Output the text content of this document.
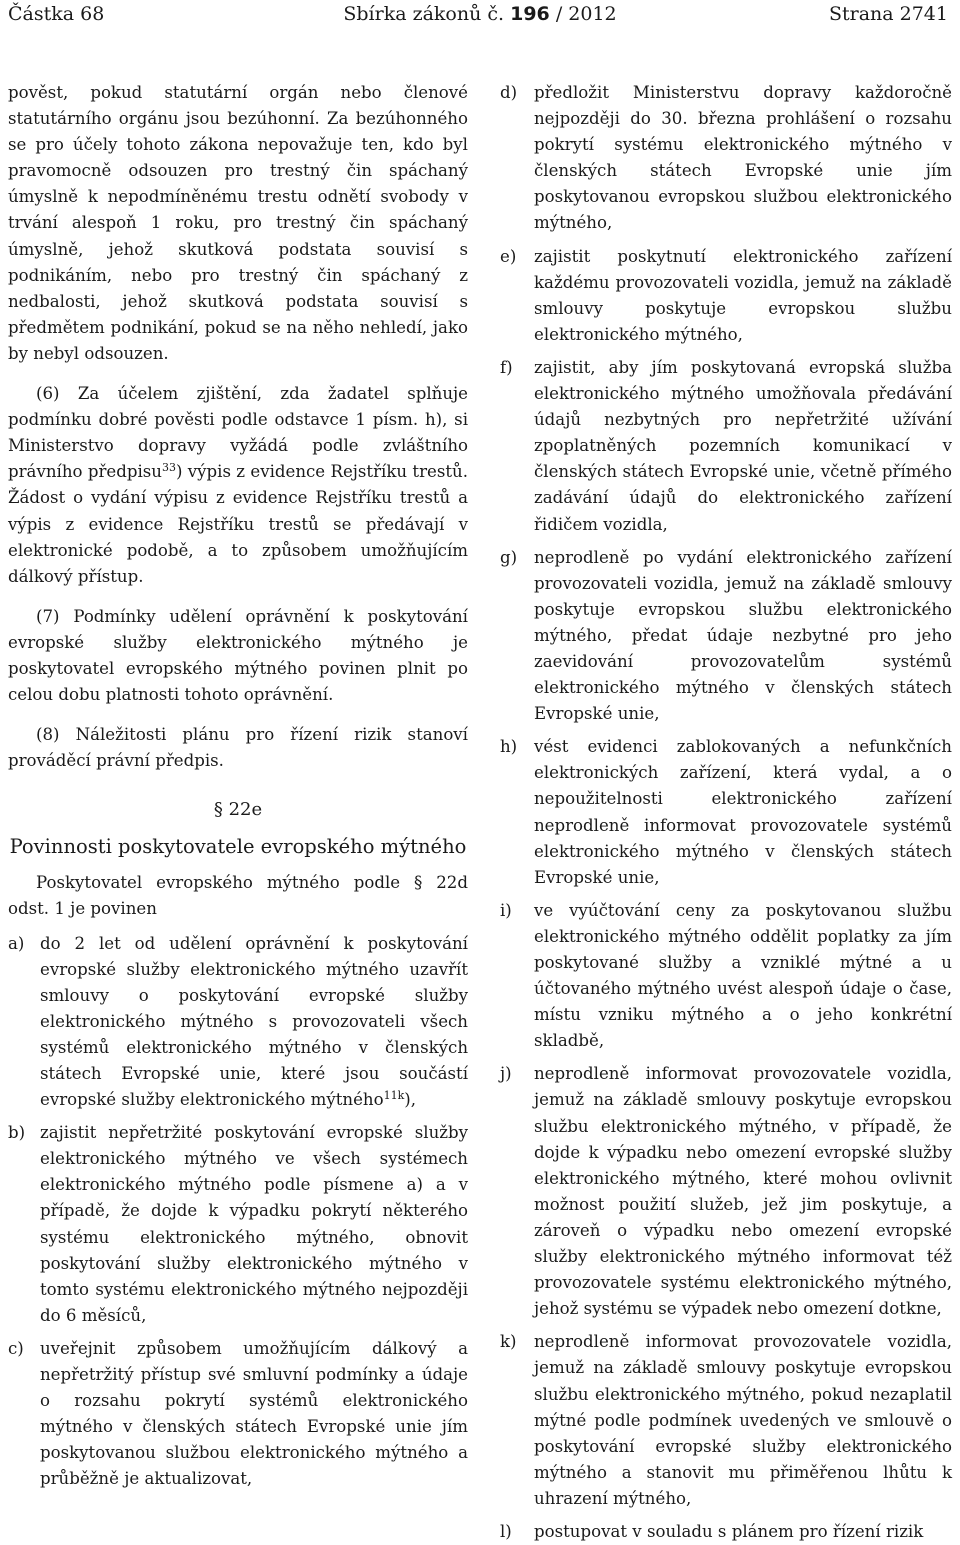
Částka 68	Sbírka zákonů č. 196 / 2012	Strana 2741

pověst, pokud statutární orgán nebo členové statutárního orgánu jsou bezúhonní. Za bezúhonného se pro účely tohoto zákona nepovažuje ten, kdo byl pravomocně odsouzen pro trestný čin spáchaný úmyslně k nepodmíněnému trestu odnětí svobody v trvání alespoň 1 roku, pro trestný čin spáchaný úmyslně, jehož skutková podstata souvisí s podnikáním, nebo pro trestný čin spáchaný z nedbalosti, jehož skutková podstata souvisí s předmětem podnikání, pokud se na něho nehledí, jako by nebyl odsouzen.

(6) Za účelem zjištění, zda žadatel splňuje podmínku dobré pověsti podle odstavce 1 písm. h), si Ministerstvo dopravy vyžádá podle zvláštního právního předpisu$^{33}$) výpis z evidence Rejstříku trestů. Žádost o vydání výpisu z evidence Rejstříku trestů a výpis z evidence Rejstříku trestů se předávají v elektronické podobě, a to způsobem umožňujícím dálkový přístup.

(7) Podmínky udělení oprávnění k poskytování evropské služby elektronického mýtného je poskytovatel evropského mýtného povinen plnit po celou dobu platnosti tohoto oprávnění.

(8) Náležitosti plánu pro řízení rizik stanoví prováděcí právní předpis.

§ 22e
Povinnosti poskytovatele evropského mýtného

Poskytovatel evropského mýtného podle § 22d odst. 1 je povinen

a) do 2 let od udělení oprávnění k poskytování evropské služby elektronického mýtného uzavřít smlouvy o poskytování evropské služby elektronického mýtného s provozovateli všech systémů elektronického mýtného v členských státech Evropské unie, které jsou součástí evropské služby elektronického mýtného$^{11k}$),
b) zajistit nepřetržité poskytování evropské služby elektronického mýtného ve všech systémech elektronického mýtného podle písmene a) a v případě, že dojde k výpadku pokrytí některého systému elektronického mýtného, obnovit poskytování služby elektronického mýtného v tomto systému elektronického mýtného nejpozději do 6 měsíců,
c) uveřejnit způsobem umožňujícím dálkový a nepřetržitý přístup své smluvní podmínky a údaje o rozsahu pokrytí systémů elektronického mýtného v členských státech Evropské unie jím poskytovanou službou elektronického mýtného a průběžně je aktualizovat,
d) předložit Ministerstvu dopravy každoročně nejpozději do 30. března prohlášení o rozsahu pokrytí systému elektronického mýtného v členských státech Evropské unie jím poskytovanou evropskou službou elektronického mýtného,
e) zajistit poskytnutí elektronického zařízení každému provozovateli vozidla, jemuž na základě smlouvy poskytuje evropskou službu elektronického mýtného,
f) zajistit, aby jím poskytovaná evropská služba elektronického mýtného umožňovala předávání údajů nezbytných pro nepřetržité užívání zpoplatněných pozemních komunikací v členských státech Evropské unie, včetně přímého zadávání údajů do elektronického zařízení řidičem vozidla,
g) neprodleně po vydání elektronického zařízení provozovateli vozidla, jemuž na základě smlouvy poskytuje evropskou službu elektronického mýtného, předat údaje nezbytné pro jeho zaevidování provozovatelům systémů elektronického mýtného v členských státech Evropské unie,
h) vést evidenci zablokovaných a nefunkčních elektronických zařízení, která vydal, a o nepoužitelnosti elektronického zařízení neprodleně informovat provozovatele systémů elektronického mýtného v členských státech Evropské unie,
i) ve vyúčtování ceny za poskytovanou službu elektronického mýtného oddělit poplatky za jím poskytované služby a vzniklé mýtné a u účtovaného mýtného uvést alespoň údaje o čase, místu vzniku mýtného a o jeho konkrétní skladbě,
j) neprodleně informovat provozovatele vozidla, jemuž na základě smlouvy poskytuje evropskou službu elektronického mýtného, v případě, že dojde k výpadku nebo omezení evropské služby elektronického mýtného, které mohou ovlivnit možnost použití služeb, jež jim poskytuje, a zároveň o výpadku nebo omezení evropské služby elektronického mýtného informovat též provozovatele systému elektronického mýtného, jehož systému se výpadek nebo omezení dotkne,
k) neprodleně informovat provozovatele vozidla, jemuž na základě smlouvy poskytuje evropskou službu elektronického mýtného, pokud nezaplatil mýtné podle podmínek uvedených ve smlouvě o poskytování evropské služby elektronického mýtného a stanovit mu přiměřenou lhůtu k uhrazení mýtného,
l) postupovat v souladu s plánem pro řízení rizik
